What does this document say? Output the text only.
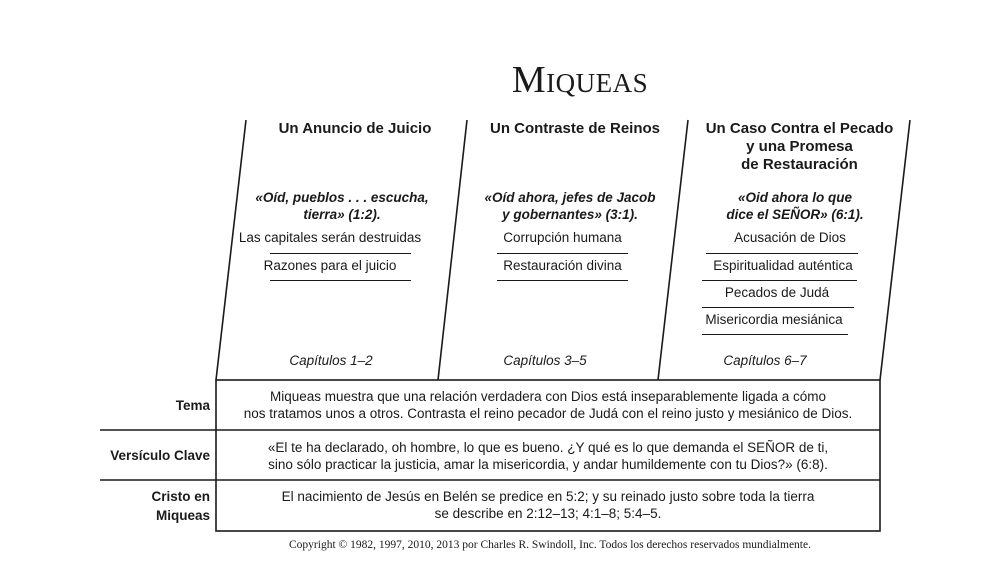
Miqueas
Un Anuncio de Juicio
«Oíd, pueblos . . . escucha,
tierra» (1:2).
Las capitales serán destruidas
Razones para el juicio
Capítulos 1–2
Un Contraste de Reinos
«Oíd ahora, jefes de Jacob
y gobernantes» (3:1).
Corrupción humana
Restauración divina
Capítulos 3–5
Un Caso Contra el Pecado
y una Promesa
de Restauración
«Oid ahora lo que
dice el SEÑOR» (6:1).
Acusación de Dios
Espiritualidad auténtica
Pecados de Judá
Misericordia mesiánica
Capítulos 6–7
Tema
Versículo Clave
Cristo en
Miqueas
Miqueas muestra que una relación verdadera con Dios está inseparablemente ligada a cómo
nos tratamos unos a otros. Contrasta el reino pecador de Judá con el reino justo y mesiánico de Dios.
«El te ha declarado, oh hombre, lo que es bueno. ¿Y qué es lo que demanda el SEÑOR de ti,
sino sólo practicar la justicia, amar la misericordia, y andar humildemente con tu Dios?» (6:8).
El nacimiento de Jesús en Belén se predice en 5:2; y su reinado justo sobre toda la tierra
se describe en 2:12–13; 4:1–8; 5:4–5.
Copyright © 1982, 1997, 2010, 2013 por Charles R. Swindoll, Inc. Todos los derechos reservados mundialmente.
